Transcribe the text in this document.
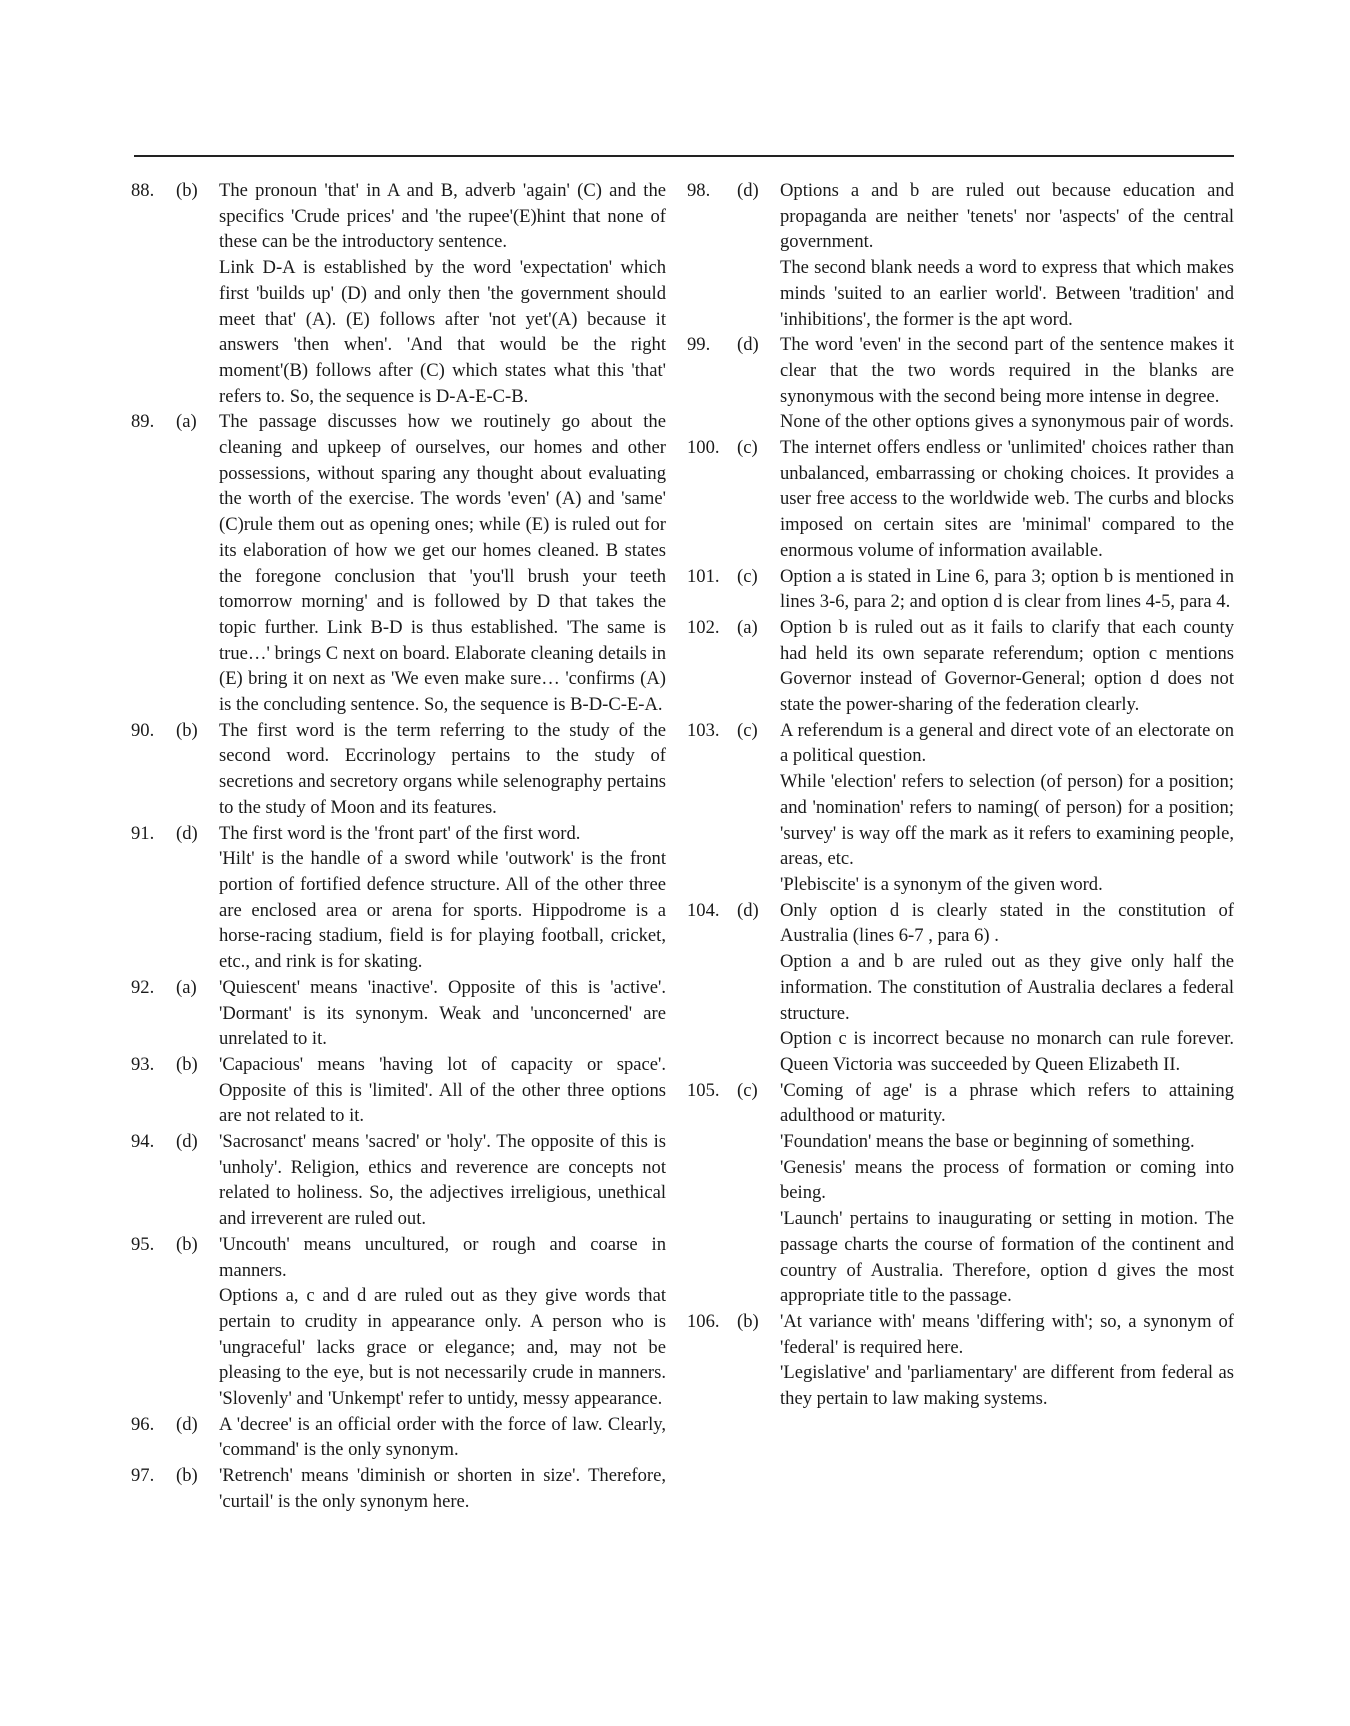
88.	(b)	The pronoun 'that' in A and B, adverb 'again' (C) and the specifics 'Crude prices' and 'the rupee'(E)hint that none of these can be the introductory sentence.

Link D-A is established by the word 'expectation' which first 'builds up' (D) and only then 'the government should meet that' (A). (E) follows after 'not yet'(A) because it answers 'then when'. 'And that would be the right moment'(B) follows after (C) which states what this 'that' refers to. So, the sequence is D-A-E-C-B.

89.	(a)	The passage discusses how we routinely go about the cleaning and upkeep of ourselves, our homes and other possessions, without sparing any thought about evaluating the worth of the exercise. The words 'even' (A) and 'same' (C)rule them out as opening ones; while (E) is ruled out for its elaboration of how we get our homes cleaned. B states the foregone conclusion that 'you'll brush your teeth tomorrow morning' and is followed by D that takes the topic further. Link B-D is thus established. 'The same is true…' brings C next on board. Elaborate cleaning details in (E) bring it on next as 'We even make sure… 'confirms (A) is the concluding sentence. So, the sequence is B-D-C-E-A.

90.	(b)	The first word is the term referring to the study of the second word. Eccrinology pertains to the study of secretions and secretory organs while selenography pertains to the study of Moon and its features.

91.	(d)	The first word is the 'front part' of the first word.

'Hilt' is the handle of a sword while 'outwork' is the front portion of fortified defence structure. All of the other three are enclosed area or arena for sports. Hippodrome is a horse-racing stadium, field is for playing football, cricket, etc., and rink is for skating.

92.	(a)	'Quiescent' means 'inactive'. Opposite of this is 'active'. 'Dormant' is its synonym. Weak and 'unconcerned' are unrelated to it.

93.	(b)	'Capacious' means 'having lot of capacity or space'. Opposite of this is 'limited'. All of the other three options are not related to it.

94.	(d)	'Sacrosanct' means 'sacred' or 'holy'. The opposite of this is 'unholy'. Religion, ethics and reverence are concepts not related to holiness. So, the adjectives irreligious, unethical and irreverent are ruled out.

95.	(b)	'Uncouth' means uncultured, or rough and coarse in manners.

Options a, c and d are ruled out as they give words that pertain to crudity in appearance only. A person who is 'ungraceful' lacks grace or elegance; and, may not be pleasing to the eye, but is not necessarily crude in manners. 'Slovenly' and 'Unkempt' refer to untidy, messy appearance.

96.	(d)	A 'decree' is an official order with the force of law. Clearly, 'command' is the only synonym.

97.	(b)	'Retrench' means 'diminish or shorten in size'. Therefore, 'curtail' is the only synonym here.

98.	(d)	Options a and b are ruled out because education and propaganda are neither 'tenets' nor 'aspects' of the central government.

The second blank needs a word to express that which makes minds 'suited to an earlier world'. Between 'tradition' and 'inhibitions', the former is the apt word.

99.	(d)	The word 'even' in the second part of the sentence makes it clear that the two words required in the blanks are synonymous with the second being more intense in degree.

None of the other options gives a synonymous pair of words.

100. (c)	The internet offers endless or 'unlimited' choices rather than unbalanced, embarrassing or choking choices. It provides a user free access to the worldwide web. The curbs and blocks imposed on certain sites are 'minimal' compared to the enormous volume of information available.

101. (c)	Option a is stated in Line 6, para 3; option b is mentioned in lines 3-6, para 2; and option d is clear from lines 4-5, para 4.

102. (a)	Option b is ruled out as it fails to clarify that each county had held its own separate referendum; option c mentions Governor instead of Governor-General; option d does not state the power-sharing of the federation clearly.

103. (c)	A referendum is a general and direct vote of an electorate on a political question.

While 'election' refers to selection (of person) for a position; and 'nomination' refers to naming( of person) for a position; 'survey' is way off the mark as it refers to examining people, areas, etc.

'Plebiscite' is a synonym of the given word.

104. (d)	Only option d is clearly stated in the constitution of Australia (lines 6-7 , para 6) .

Option a and b are ruled out as they give only half the information. The constitution of Australia declares a federal structure.

Option c is incorrect because no monarch can rule forever. Queen Victoria was succeeded by Queen Elizabeth II.

105. (c)	'Coming of age' is a phrase which refers to attaining adulthood or maturity.

'Foundation' means the base or beginning of something.

'Genesis' means the process of formation or coming into being.

'Launch' pertains to inaugurating or setting in motion. The passage charts the course of formation of the continent and country of Australia. Therefore, option d gives the most appropriate title to the passage.

106. (b)	'At variance with' means 'differing with'; so, a synonym of 'federal' is required here.

'Legislative' and 'parliamentary' are different from federal as they pertain to law making systems.
